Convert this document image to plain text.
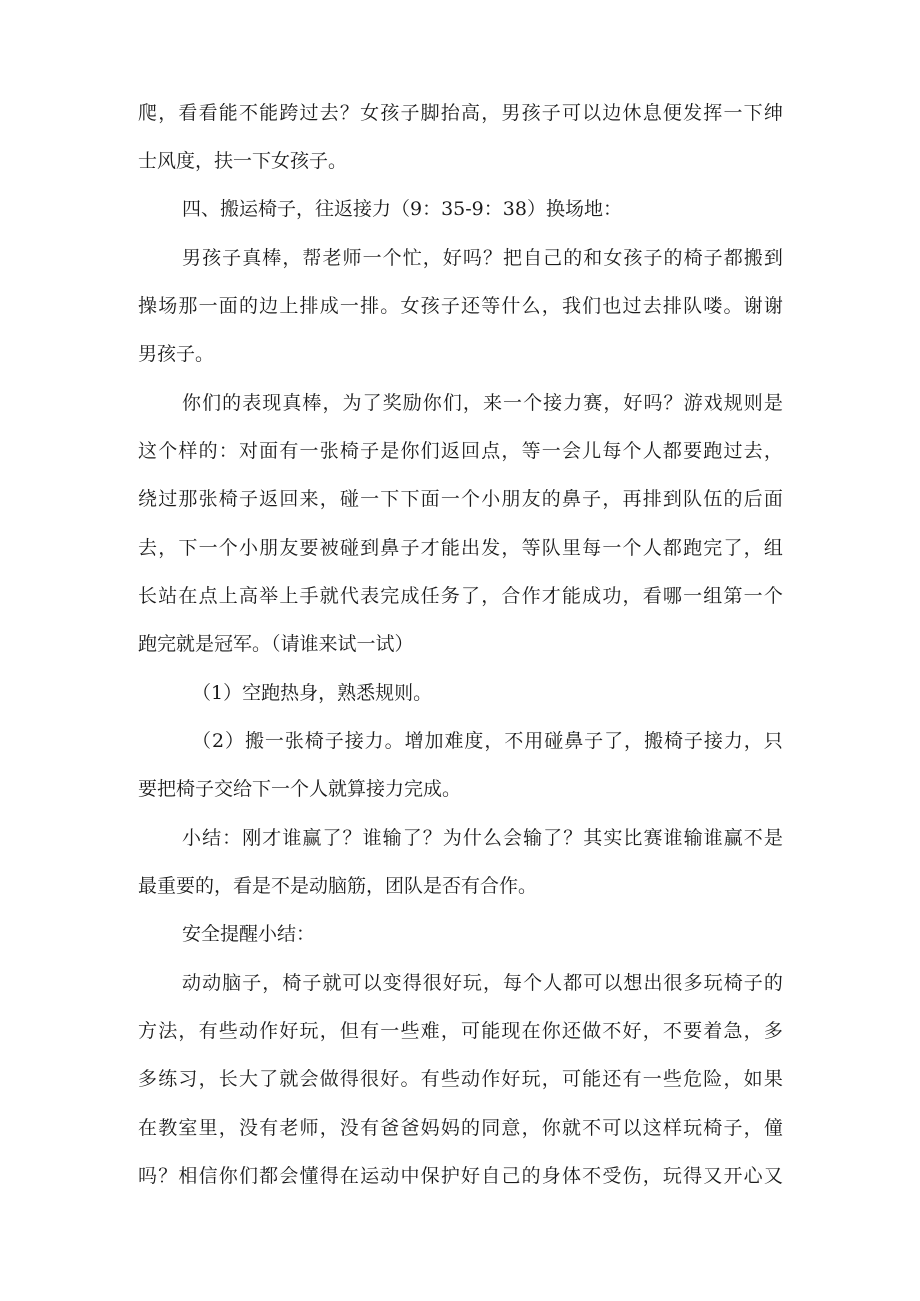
爬 ， 看 看 能 不 能 跨 过 去 ？ 女 孩 子 脚 抬 高 ， 男 孩 子 可 以 边 休 息 便 发 挥 一 下 绅
士风度，扶一下女孩子。
四、搬运椅子，往返接力（9：35-9：38）换场地：
男 孩 子 真 棒 ， 帮 老 师 一 个 忙 ， 好 吗 ？ 把 自 己 的 和 女 孩 子 的 椅 子 都 搬 到
操 场 那 一 面 的 边 上 排 成 一 排 。 女 孩 子 还 等 什 么 ， 我 们 也 过 去 排 队 喽 。 谢 谢
男孩子。
你 们 的 表 现 真 棒 ， 为 了 奖 励 你 们 ， 来 一 个 接 力 赛 ， 好 吗 ？ 游 戏 规 则 是
这 个 样 的 ： 对 面 有 一 张 椅 子 是 你 们 返 回 点 ， 等 一 会 儿 每 个 人 都 要 跑 过 去 ，
绕 过 那 张 椅 子 返 回 来 ， 碰 一 下 下 面 一 个 小 朋 友 的 鼻 子 ， 再 排 到 队 伍 的 后 面
去 ， 下 一 个 小 朋 友 要 被 碰 到 鼻 子 才 能 出 发 ， 等 队 里 每 一 个 人 都 跑 完 了 ， 组
长 站 在 点 上 高 举 上 手 就 代 表 完 成 任 务 了 ， 合 作 才 能 成 功 ， 看 哪 一 组 第 一 个
跑完就是冠军。（请谁来试一试）
（1）空跑热身，熟悉规则。
（ 2 ） 搬 一 张 椅 子 接 力 。 增 加 难 度 ， 不 用 碰 鼻 子 了 ， 搬 椅 子 接 力 ， 只
要把椅子交给下一个人就算接力完成。
小 结 ： 刚 才 谁 赢 了 ？ 谁 输 了 ？ 为 什 么 会 输 了 ？ 其 实 比 赛 谁 输 谁 赢 不 是
最重要的，看是不是动脑筋，团队是否有合作。
安全提醒小结：
动 动 脑 子 ， 椅 子 就 可 以 变 得 很 好 玩 ， 每 个 人 都 可 以 想 出 很 多 玩 椅 子 的
方 法 ， 有 些 动 作 好 玩 ， 但 有 一 些 难 ， 可 能 现 在 你 还 做 不 好 ， 不 要 着 急 ， 多
多 练 习 ， 长 大 了 就 会 做 得 很 好 。 有 些 动 作 好 玩 ， 可 能 还 有 一 些 危 险 ， 如 果
在 教 室 里 ， 没 有 老 师 ， 没 有 爸 爸 妈 妈 的 同 意 ， 你 就 不 可 以 这 样 玩 椅 子 ， 僮
吗 ？ 相 信 你 们 都 会 懂 得 在 运 动 中 保 护 好 自 己 的 身 体 不 受 伤 ， 玩 得 又 开 心 又
